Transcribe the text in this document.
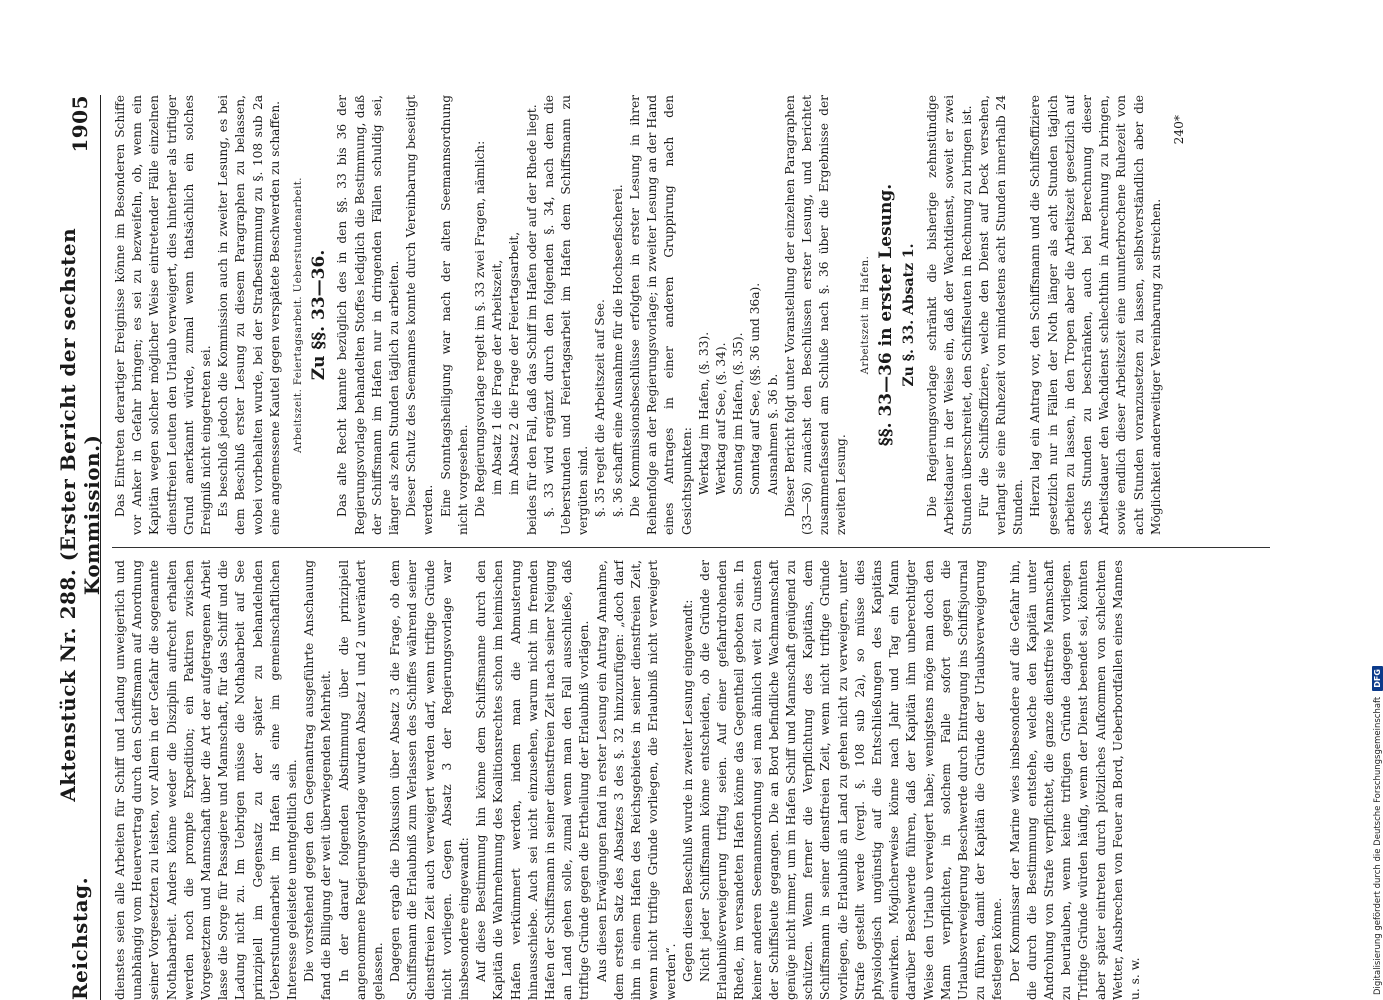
Reichstag.
Aktenstück Nr. 288. (Erster Bericht der sechsten Kommission.)
1905

dienstes seien alle Arbeiten für Schiff und Ladung unweigerlich und unabhängig vom Heuervertrag durch den Schiffsmann auf Anordnung seiner Vorgesetzten zu leisten, vor Allem in der Gefahr die sogenannte Nothabarbeit. Anders könne weder die Disziplin aufrecht erhalten werden noch die prompte Expedition; ein Paktiren zwischen Vorgesetztem und Mannschaft über die Art der aufgetragenen Arbeit lasse die Sorge für Passagiere und Mannschaft, für das Schiff und die Ladung nicht zu. Im Uebrigen müsse die Nothabarbeit auf See prinzipiell im Gegensatz zu der später zu behandelnden Ueberstundenarbeit im Hafen als eine im gemeinschaftlichen Interesse geleistete unentgeltlich sein. Die vorstehend gegen den Gegenantrag ausgeführte Anschauung fand die Billigung der weit überwiegenden Mehrheit. In der darauf folgenden Abstimmung über die prinzipiell angenommene Regierungsvorlage wurden Absatz 1 und 2 unverändert gelassen. Dagegen ergab die Diskussion über Absatz 3 die Frage, ob dem Schiffsmann die Erlaubniß zum Verlassen des Schiffes während seiner dienstfreien Zeit auch verweigert werden darf, wenn triftige Gründe nicht vorliegen. Gegen Absatz 3 der Regierungsvorlage war insbesondere eingewandt: Auf diese Bestimmung hin könne dem Schiffsmanne durch den Kapitän die Wahrnehmung des Koalitionsrechtes schon im heimischen Hafen verkümmert werden, indem man die Abmusterung hinausschiebe. Auch sei nicht einzusehen, warum nicht im fremden Hafen der Schiffsmann in seiner dienstfreien Zeit nach seiner Neigung an Land gehen solle, zumal wenn man den Fall ausschließe, daß triftige Gründe gegen die Ertheilung der Erlaubniß vorlägen. Aus diesen Erwägungen fand in erster Lesung ein Antrag Annahme, dem ersten Satz des Absatzes 3 des §. 32 hinzuzufügen: „doch darf ihm in einem Hafen des Reichsgebietes in seiner dienstfreien Zeit, wenn nicht triftige Gründe vorliegen, die Erlaubniß nicht verweigert werden“. Gegen diesen Beschluß wurde in zweiter Lesung eingewandt: Nicht jeder Schiffsmann könne entscheiden, ob die Gründe der Erlaubnißverweigerung triftig seien. Auf einer gefahrdrohenden Rhede, im versandeten Hafen könne das Gegentheil geboten sein. In keiner anderen Seemannsordnung sei man ähnlich weit zu Gunsten der Schiffsleute gegangen. Die an Bord befindliche Wachmannschaft genüge nicht immer, um im Hafen Schiff und Mannschaft genügend zu schützen. Wenn ferner die Verpflichtung des Kapitäns, dem Schiffsmann in seiner dienstfreien Zeit, wenn nicht triftige Gründe vorliegen, die Erlaubniß an Land zu gehen nicht zu verweigern, unter Strafe gestellt werde (vergl. §. 108 sub 2a), so müsse dies physiologisch ungünstig auf die Entschließungen des Kapitäns einwirken. Möglicherweise könne nach Jahr und Tag ein Mann darüber Beschwerde führen, daß der Kapitän ihm unberechtigter Weise den Urlaub verweigert habe; wenigstens möge man doch den Mann verpflichten, in solchem Falle sofort gegen die Urlaubsverweigerung Beschwerde durch Eintragung ins Schiffsjournal zu führen, damit der Kapitän die Gründe der Urlaubsverweigerung festlegen könne. Der Kommissar der Marine wies insbesondere auf die Gefahr hin, die durch die Bestimmung entstehe, welche den Kapitän unter Androhung von Strafe verpflichtet, die ganze dienstfreie Mannschaft zu beurlauben, wenn keine triftigen Gründe dagegen vorliegen. Triftige Gründe würden häufig, wenn der Dienst beendet sei, könnten aber später eintreten durch plötzliches Aufkommen von schlechtem Wetter, Ausbrechen von Feuer an Bord, Ueberbordfallen eines Mannes u. s. w.

Das Eintreten derartiger Ereignisse könne im Besonderen Schiffe vor Anker in Gefahr bringen; es sei zu bezweifeln, ob, wenn ein Kapitän wegen solcher möglicher Weise eintretender Fälle einzelnen dienstfreien Leuten den Urlaub verweigert, dies hinterher als triftiger Grund anerkannt würde, zumal wenn thatsächlich ein solches Ereigniß nicht eingetreten sei. Es beschloß jedoch die Kommission auch in zweiter Lesung, es bei dem Beschluß erster Lesung zu diesem Paragraphen zu belassen, wobei vorbehalten wurde, bei der Strafbestimmung zu §. 108 sub 2a eine angemessene Kautel gegen verspätete Beschwerden zu schaffen.	Arbeitszeit. Feiertagsarbeit. Ueberstundenarbeit. Zu §§. 33—36. Das alte Recht kannte bezüglich des in den §§. 33 bis 36 der Regierungsvorlage behandelten Stoffes lediglich die Bestimmung, daß der Schiffsmann im Hafen nur in dringenden Fällen schuldig sei, länger als zehn Stunden täglich zu arbeiten. Dieser Schutz des Seemannes konnte durch Vereinbarung beseitigt werden. Eine Sonntagsheiligung war nach der alten Seemannsordnung nicht vorgesehen. Die Regierungsvorlage regelt im §. 33 zwei Fragen, nämlich: im Absatz 1 die Frage der Arbeitszeit, im Absatz 2 die Frage der Feiertagsarbeit, beides für den Fall, daß das Schiff im Hafen oder auf der Rhede liegt. §. 33 wird ergänzt durch den folgenden §. 34, nach dem die Ueberstunden und Feiertagsarbeit im Hafen dem Schiffsmann zu vergüten sind. §. 35 regelt die Arbeitszeit auf See. §. 36 schafft eine Ausnahme für die Hochseefischerei. Die Kommissionsbeschlüsse erfolgten in erster Lesung in ihrer Reihenfolge an der Regierungsvorlage; in zweiter Lesung an der Hand eines Antrages in einer anderen Gruppirung nach den Gesichtspunkten: Werktag im Hafen, (§. 33). Werktag auf See, (§. 34). Sonntag im Hafen, (§. 35). Sonntag auf See, (§§. 36 und 36a). Ausnahmen §. 36 b. Dieser Bericht folgt unter Voranstellung der einzelnen Paragraphen (33—36) zunächst den Beschlüssen erster Lesung, und berichtet zusammenfassend am Schluße nach §. 36 über die Ergebnisse der zweiten Lesung.

Arbeitszeit im Hafen. §§. 33—36 in erster Lesung. Zu §. 33. Absatz 1. Die Regierungsvorlage schränkt die bisherige zehnstündige Arbeitsdauer in der Weise ein, daß der Wachtdienst, soweit er zwei Stunden überschreitet, den Schiffsleuten in Rechnung zu bringen ist. Für die Schiffsoffiziere, welche den Dienst auf Deck versehen, verlangt sie eine Ruhezeit von mindestens acht Stunden innerhalb 24 Stunden. Hierzu lag ein Antrag vor, den Schiffsmann und die Schiffsoffiziere gesetzlich nur in Fällen der Noth länger als acht Stunden täglich arbeiten zu lassen, in den Tropen aber die Arbeitszeit gesetzlich auf sechs Stunden zu beschränken, auch bei Berechnung dieser Arbeitsdauer den Wachdienst schlechthin in Anrechnung zu bringen, sowie endlich dieser Arbeitszeit eine ununterbrochene Ruhezeit von acht Stunden voranzusetzen zu lassen, selbstverständlich aber die Möglichkeit anderweitiger Vereinbarung zu streichen.

240*

Digitalisierung gefördert durch die Deutsche Forschungsgemeinschaft
DFG
